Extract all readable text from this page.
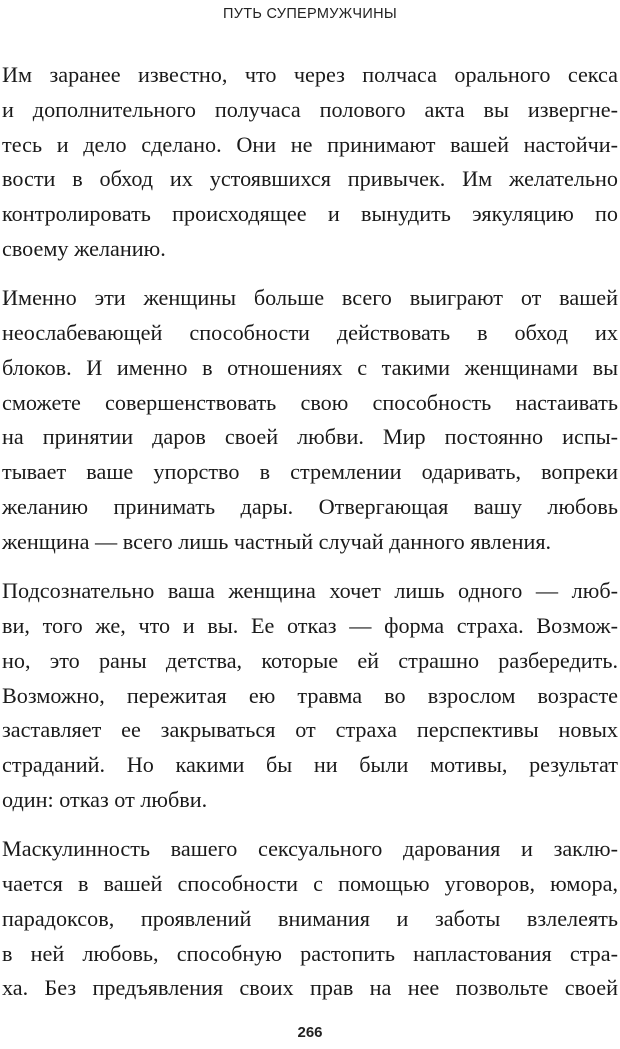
ПУТЬ СУПЕРМУЖЧИНЫ

Им заранее известно, что через полчаса орального секса
и дополнительного получаса полового акта вы извергне-
тесь и дело сделано. Они не принимают вашей настойчи-
вости в обход их устоявшихся привычек. Им желательно
контролировать происходящее и вынудить эякуляцию по
своему желанию.

Именно эти женщины больше всего выиграют от вашей
неослабевающей способности действовать в обход их
блоков. И именно в отношениях с такими женщинами вы
сможете совершенствовать свою способность настаивать
на принятии даров своей любви. Мир постоянно испы-
тывает ваше упорство в стремлении одаривать, вопреки
желанию принимать дары. Отвергающая вашу любовь
женщина — всего лишь частный случай данного явления.

Подсознательно ваша женщина хочет лишь одного — люб-
ви, того же, что и вы. Ее отказ — форма страха. Возмож-
но, это раны детства, которые ей страшно разбередить.
Возможно, пережитая ею травма во взрослом возрасте
заставляет ее закрываться от страха перспективы новых
страданий. Но какими бы ни были мотивы, результат
один: отказ от любви.

Маскулинность вашего сексуального дарования и заклю-
чается в вашей способности с помощью уговоров, юмора,
парадоксов, проявлений внимания и заботы взлелеять
в ней любовь, способную растопить напластования стра-
ха. Без предъявления своих прав на нее позвольте своей

266
